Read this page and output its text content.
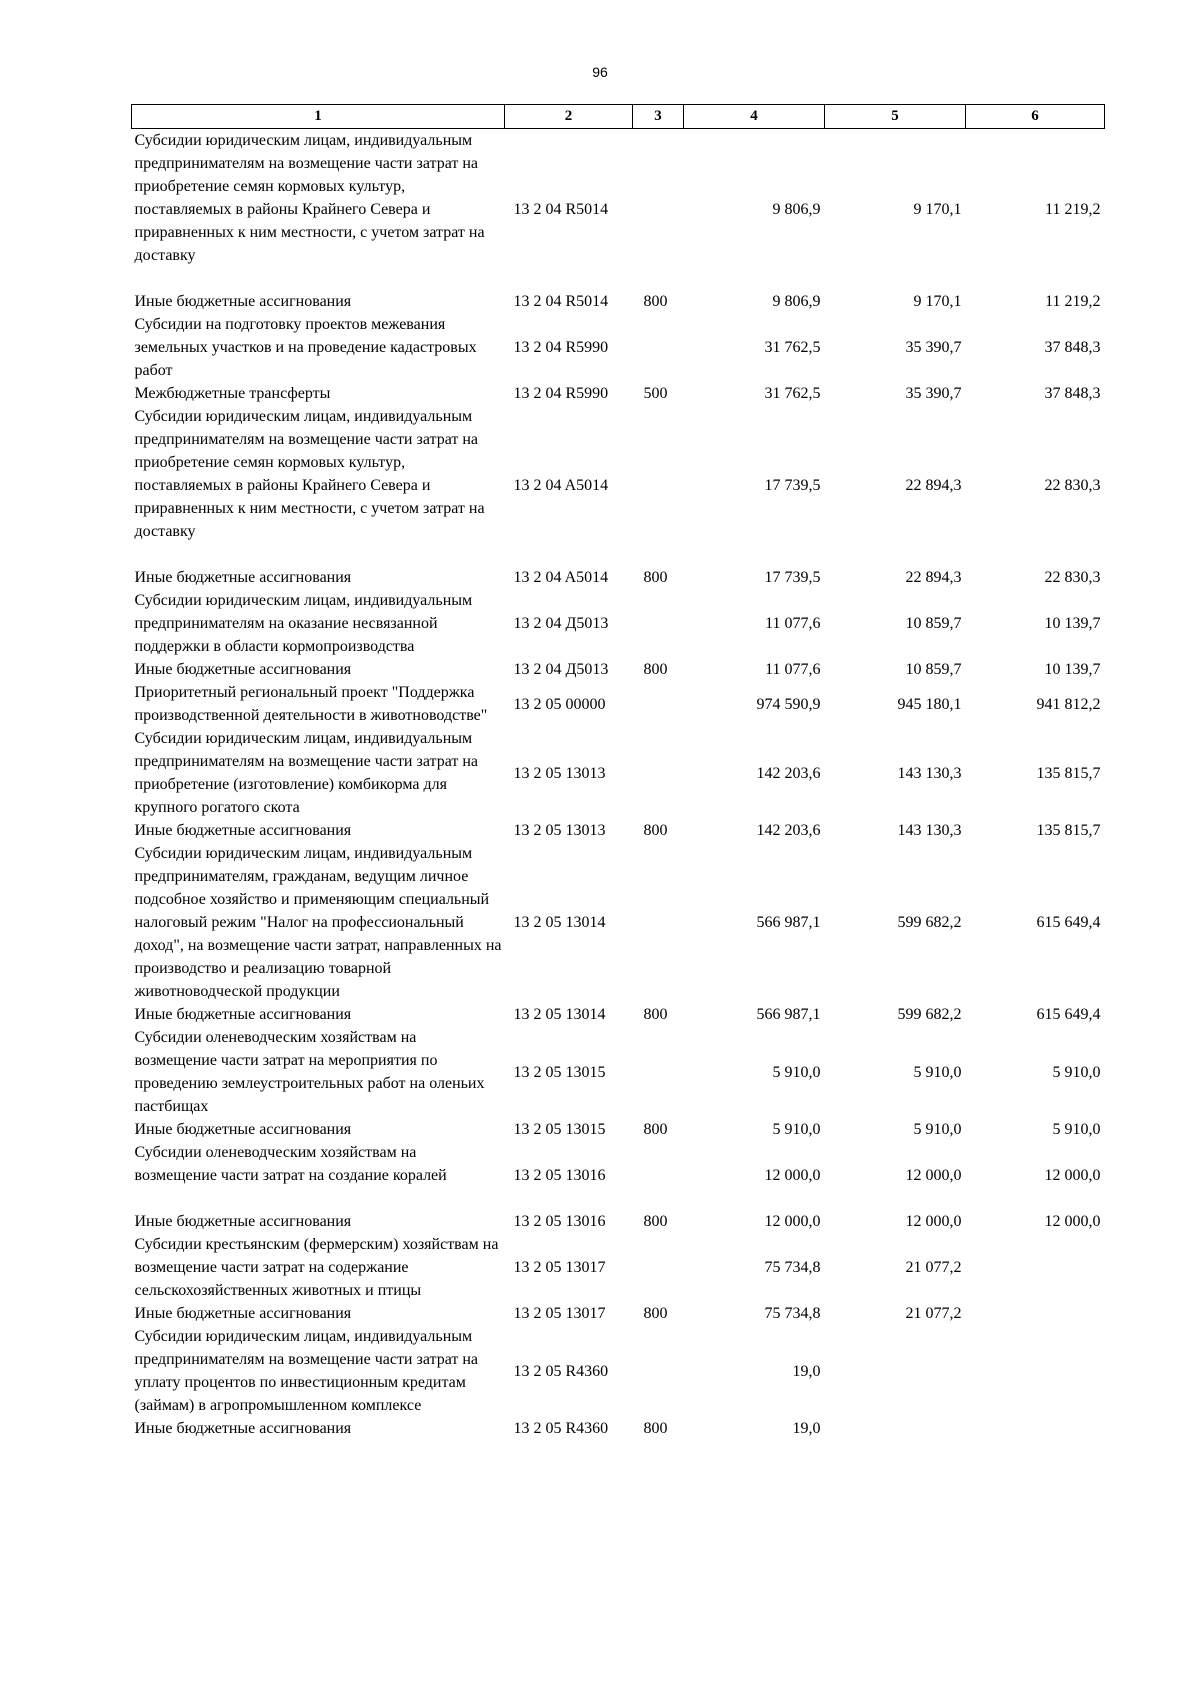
96
1	2	3	4	5	6
Субсидии юридическим лицам, индивидуальным предпринимателям на возмещение части затрат на приобретение семян кормовых культур, поставляемых в районы Крайнего Севера и приравненных к ним местности, с учетом затрат на доставку	13 2 04 R5014		9 806,9	9 170,1	11 219,2
Иные бюджетные ассигнования	13 2 04 R5014	800	9 806,9	9 170,1	11 219,2
Субсидии на подготовку проектов межевания земельных участков и на проведение кадастровых работ	13 2 04 R5990		31 762,5	35 390,7	37 848,3
Межбюджетные трансферты	13 2 04 R5990	500	31 762,5	35 390,7	37 848,3
Субсидии юридическим лицам, индивидуальным предпринимателям на возмещение части затрат на приобретение семян кормовых культур, поставляемых в районы Крайнего Севера и приравненных к ним местности, с учетом затрат на доставку	13 2 04 A5014		17 739,5	22 894,3	22 830,3
Иные бюджетные ассигнования	13 2 04 A5014	800	17 739,5	22 894,3	22 830,3
Субсидии юридическим лицам, индивидуальным предпринимателям на оказание несвязанной поддержки в области кормопроизводства	13 2 04 Д5013		11 077,6	10 859,7	10 139,7
Иные бюджетные ассигнования	13 2 04 Д5013	800	11 077,6	10 859,7	10 139,7
Приоритетный региональный проект "Поддержка производственной деятельности в животноводстве"	13 2 05 00000		974 590,9	945 180,1	941 812,2
Субсидии юридическим лицам, индивидуальным предпринимателям на возмещение части затрат на приобретение (изготовление) комбикорма для крупного рогатого скота	13 2 05 13013		142 203,6	143 130,3	135 815,7
Иные бюджетные ассигнования	13 2 05 13013	800	142 203,6	143 130,3	135 815,7
Субсидии юридическим лицам, индивидуальным предпринимателям, гражданам, ведущим личное подсобное хозяйство и применяющим специальный налоговый режим "Налог на профессиональный доход", на возмещение части затрат, направленных на производство и реализацию товарной животноводческой продукции	13 2 05 13014		566 987,1	599 682,2	615 649,4
Иные бюджетные ассигнования	13 2 05 13014	800	566 987,1	599 682,2	615 649,4
Субсидии оленеводческим хозяйствам на возмещение части затрат на мероприятия по проведению землеустроительных работ на оленьих пастбищах	13 2 05 13015		5 910,0	5 910,0	5 910,0
Иные бюджетные ассигнования	13 2 05 13015	800	5 910,0	5 910,0	5 910,0
Субсидии оленеводческим хозяйствам на возмещение части затрат на создание коралей	13 2 05 13016		12 000,0	12 000,0	12 000,0
Иные бюджетные ассигнования	13 2 05 13016	800	12 000,0	12 000,0	12 000,0
Субсидии крестьянским (фермерским) хозяйствам на возмещение части затрат на содержание сельскохозяйственных животных и птицы	13 2 05 13017		75 734,8	21 077,2	
Иные бюджетные ассигнования	13 2 05 13017	800	75 734,8	21 077,2	
Субсидии юридическим лицам, индивидуальным предпринимателям на возмещение части затрат на уплату процентов по инвестиционным кредитам (займам) в агропромышленном комплексе	13 2 05 R4360		19,0		
Иные бюджетные ассигнования	13 2 05 R4360	800	19,0		
